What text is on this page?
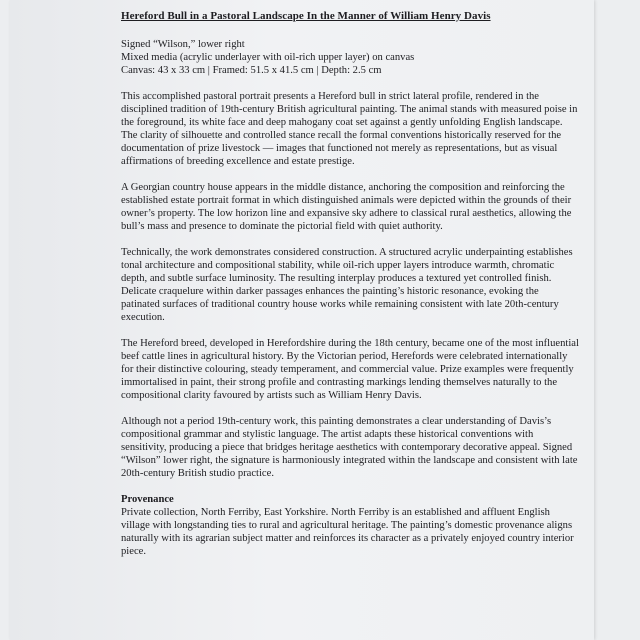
Hereford Bull in a Pastoral Landscape In the Manner of William Henry Davis

Signed “Wilson,” lower right

Mixed media (acrylic underlayer with oil-rich upper layer) on canvas

Canvas: 43 x 33 cm | Framed: 51.5 x 41.5 cm | Depth: 2.5 cm

This accomplished pastoral portrait presents a Hereford bull in strict lateral profile, rendered in the disciplined tradition of 19th-century British agricultural painting. The animal stands with measured poise in the foreground, its white face and deep mahogany coat set against a gently unfolding English landscape. The clarity of silhouette and controlled stance recall the formal conventions historically reserved for the documentation of prize livestock — images that functioned not merely as representations, but as visual affirmations of breeding excellence and estate prestige.

A Georgian country house appears in the middle distance, anchoring the composition and reinforcing the established estate portrait format in which distinguished animals were depicted within the grounds of their owner’s property. The low horizon line and expansive sky adhere to classical rural aesthetics, allowing the bull’s mass and presence to dominate the pictorial field with quiet authority.

Technically, the work demonstrates considered construction. A structured acrylic underpainting establishes tonal architecture and compositional stability, while oil-rich upper layers introduce warmth, chromatic depth, and subtle surface luminosity. The resulting interplay produces a textured yet controlled finish. Delicate craquelure within darker passages enhances the painting’s historic resonance, evoking the patinated surfaces of traditional country house works while remaining consistent with late 20th-century execution.

The Hereford breed, developed in Herefordshire during the 18th century, became one of the most influential beef cattle lines in agricultural history. By the Victorian period, Herefords were celebrated internationally for their distinctive colouring, steady temperament, and commercial value. Prize examples were frequently immortalised in paint, their strong profile and contrasting markings lending themselves naturally to the compositional clarity favoured by artists such as William Henry Davis.

Although not a period 19th-century work, this painting demonstrates a clear understanding of Davis’s compositional grammar and stylistic language. The artist adapts these historical conventions with sensitivity, producing a piece that bridges heritage aesthetics with contemporary decorative appeal. Signed “Wilson” lower right, the signature is harmoniously integrated within the landscape and consistent with late 20th-century British studio practice.

Provenance

Private collection, North Ferriby, East Yorkshire. North Ferriby is an established and affluent English village with longstanding ties to rural and agricultural heritage. The painting’s domestic provenance aligns naturally with its agrarian subject matter and reinforces its character as a privately enjoyed country interior piece.
